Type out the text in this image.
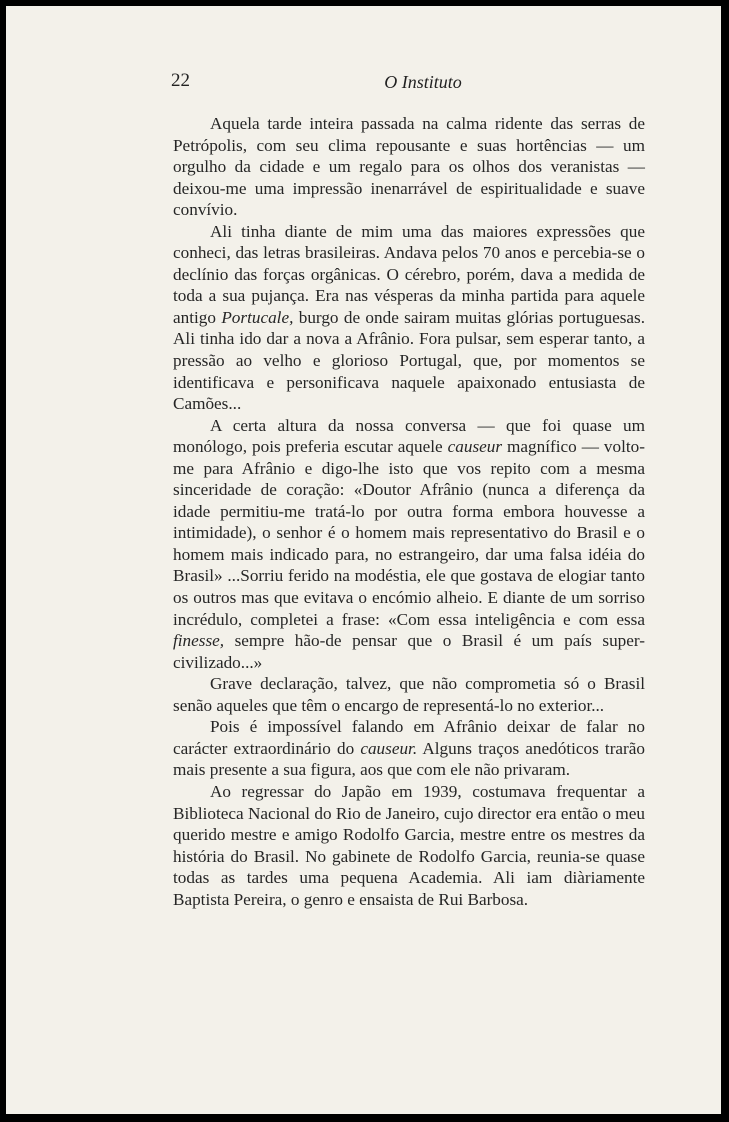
22	O Instituto

Aquela tarde inteira passada na calma ridente das serras de Petrópolis, com seu clima repousante e suas hortências — um orgulho da cidade e um regalo para os olhos dos veranistas — deixou-me uma impressão inenarrável de espiritualidade e suave convívio.

Ali tinha diante de mim uma das maiores expressões que conheci, das letras brasileiras. Andava pelos 70 anos e percebia-se o declínio das forças orgânicas. O cérebro, porém, dava a medida de toda a sua pujança. Era nas vésperas da minha partida para aquele antigo Portucale, burgo de onde sairam muitas glórias portuguesas. Ali tinha ido dar a nova a Afrânio. Fora pulsar, sem esperar tanto, a pressão ao velho e glorioso Portugal, que, por momentos se identificava e personificava naquele apaixonado entusiasta de Camões...

A certa altura da nossa conversa — que foi quase um monólogo, pois preferia escutar aquele causeur magnífico — volto-me para Afrânio e digo-lhe isto que vos repito com a mesma sinceridade de coração: «Doutor Afrânio (nunca a diferença da idade permitiu-me tratá-lo por outra forma embora houvesse a intimidade), o senhor é o homem mais representativo do Brasil e o homem mais indicado para, no estrangeiro, dar uma falsa idéia do Brasil» ...Sorriu ferido na modéstia, ele que gostava de elogiar tanto os outros mas que evitava o encómio alheio. E diante de um sorriso incrédulo, completei a frase: «Com essa inteligência e com essa finesse, sempre hão-de pensar que o Brasil é um país super-civilizado...»

Grave declaração, talvez, que não comprometia só o Brasil senão aqueles que têm o encargo de representá-lo no exterior...

Pois é impossível falando em Afrânio deixar de falar no carácter extraordinário do causeur. Alguns traços anedóticos trarão mais presente a sua figura, aos que com ele não privaram.

Ao regressar do Japão em 1939, costumava frequentar a Biblioteca Nacional do Rio de Janeiro, cujo director era então o meu querido mestre e amigo Rodolfo Garcia, mestre entre os mestres da história do Brasil. No gabinete de Rodolfo Garcia, reunia-se quase todas as tardes uma pequena Academia. Ali iam diàriamente Baptista Pereira, o genro e ensaista de Rui Barbosa.
